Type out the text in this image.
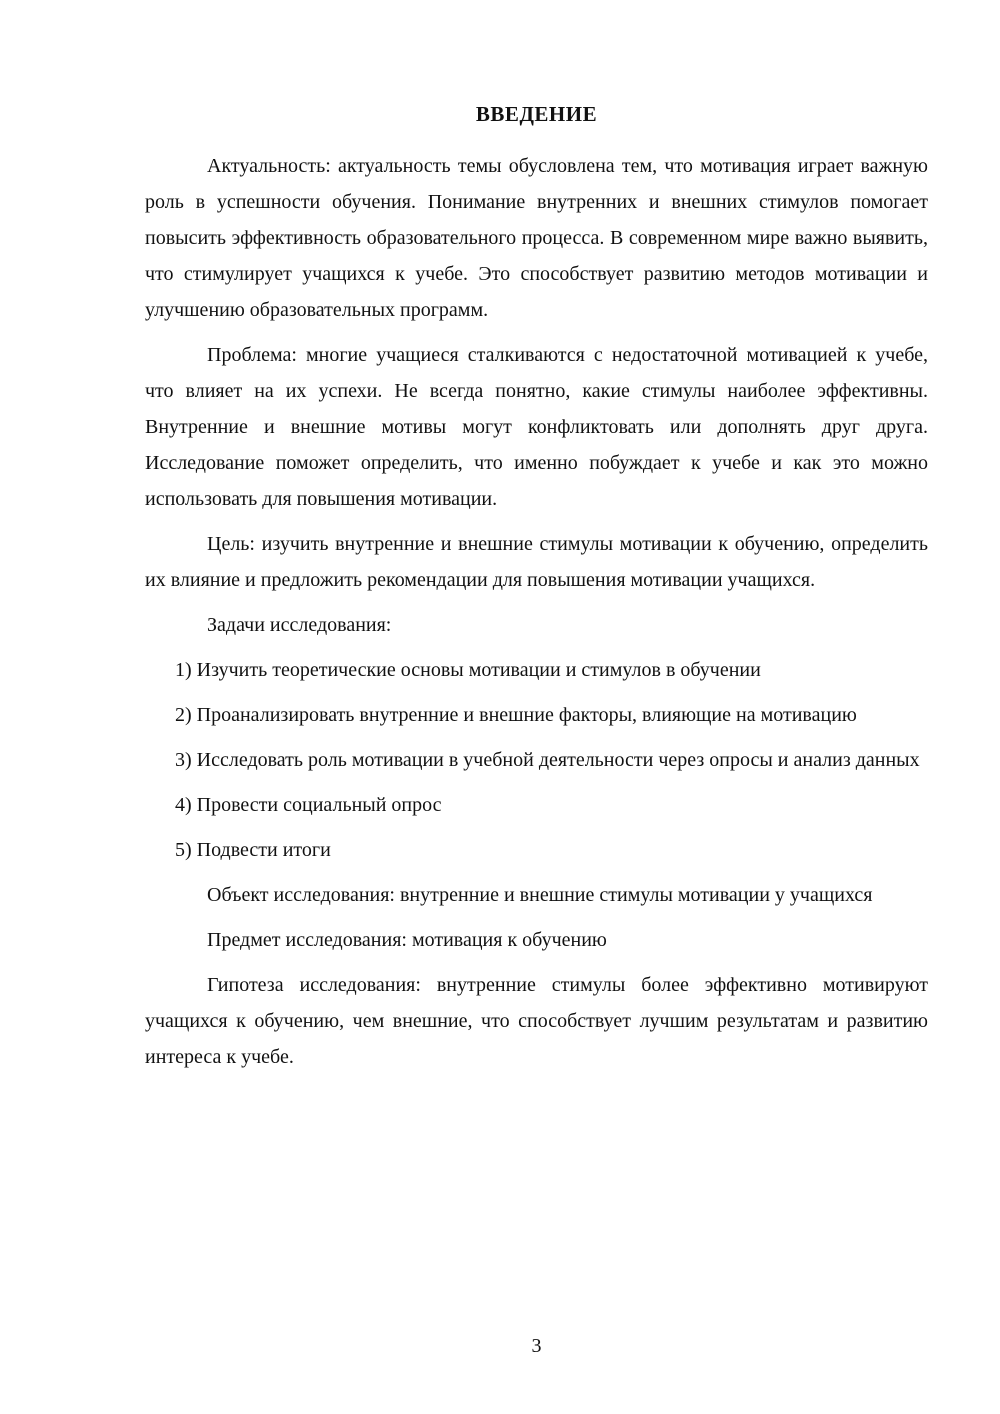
ВВЕДЕНИЕ

Актуальность: актуальность темы обусловлена тем, что мотивация играет важную роль в успешности обучения. Понимание внутренних и внешних стимулов помогает повысить эффективность образовательного процесса. В современном мире важно выявить, что стимулирует учащихся к учебе. Это способствует развитию методов мотивации и улучшению образовательных программ.

Проблема: многие учащиеся сталкиваются с недостаточной мотивацией к учебе, что влияет на их успехи. Не всегда понятно, какие стимулы наиболее эффективны. Внутренние и внешние мотивы могут конфликтовать или дополнять друг друга. Исследование поможет определить, что именно побуждает к учебе и как это можно использовать для повышения мотивации.

Цель: изучить внутренние и внешние стимулы мотивации к обучению, определить их влияние и предложить рекомендации для повышения мотивации учащихся.

Задачи исследования:

1) Изучить теоретические основы мотивации и стимулов в обучении

2) Проанализировать внутренние и внешние факторы, влияющие на мотивацию

3) Исследовать роль мотивации в учебной деятельности через опросы и анализ данных

4) Провести социальный опрос

5) Подвести итоги

Объект исследования: внутренние и внешние стимулы мотивации у учащихся

Предмет исследования: мотивация к обучению

Гипотеза исследования: внутренние стимулы более эффективно мотивируют учащихся к обучению, чем внешние, что способствует лучшим результатам и развитию интереса к учебе.

3
